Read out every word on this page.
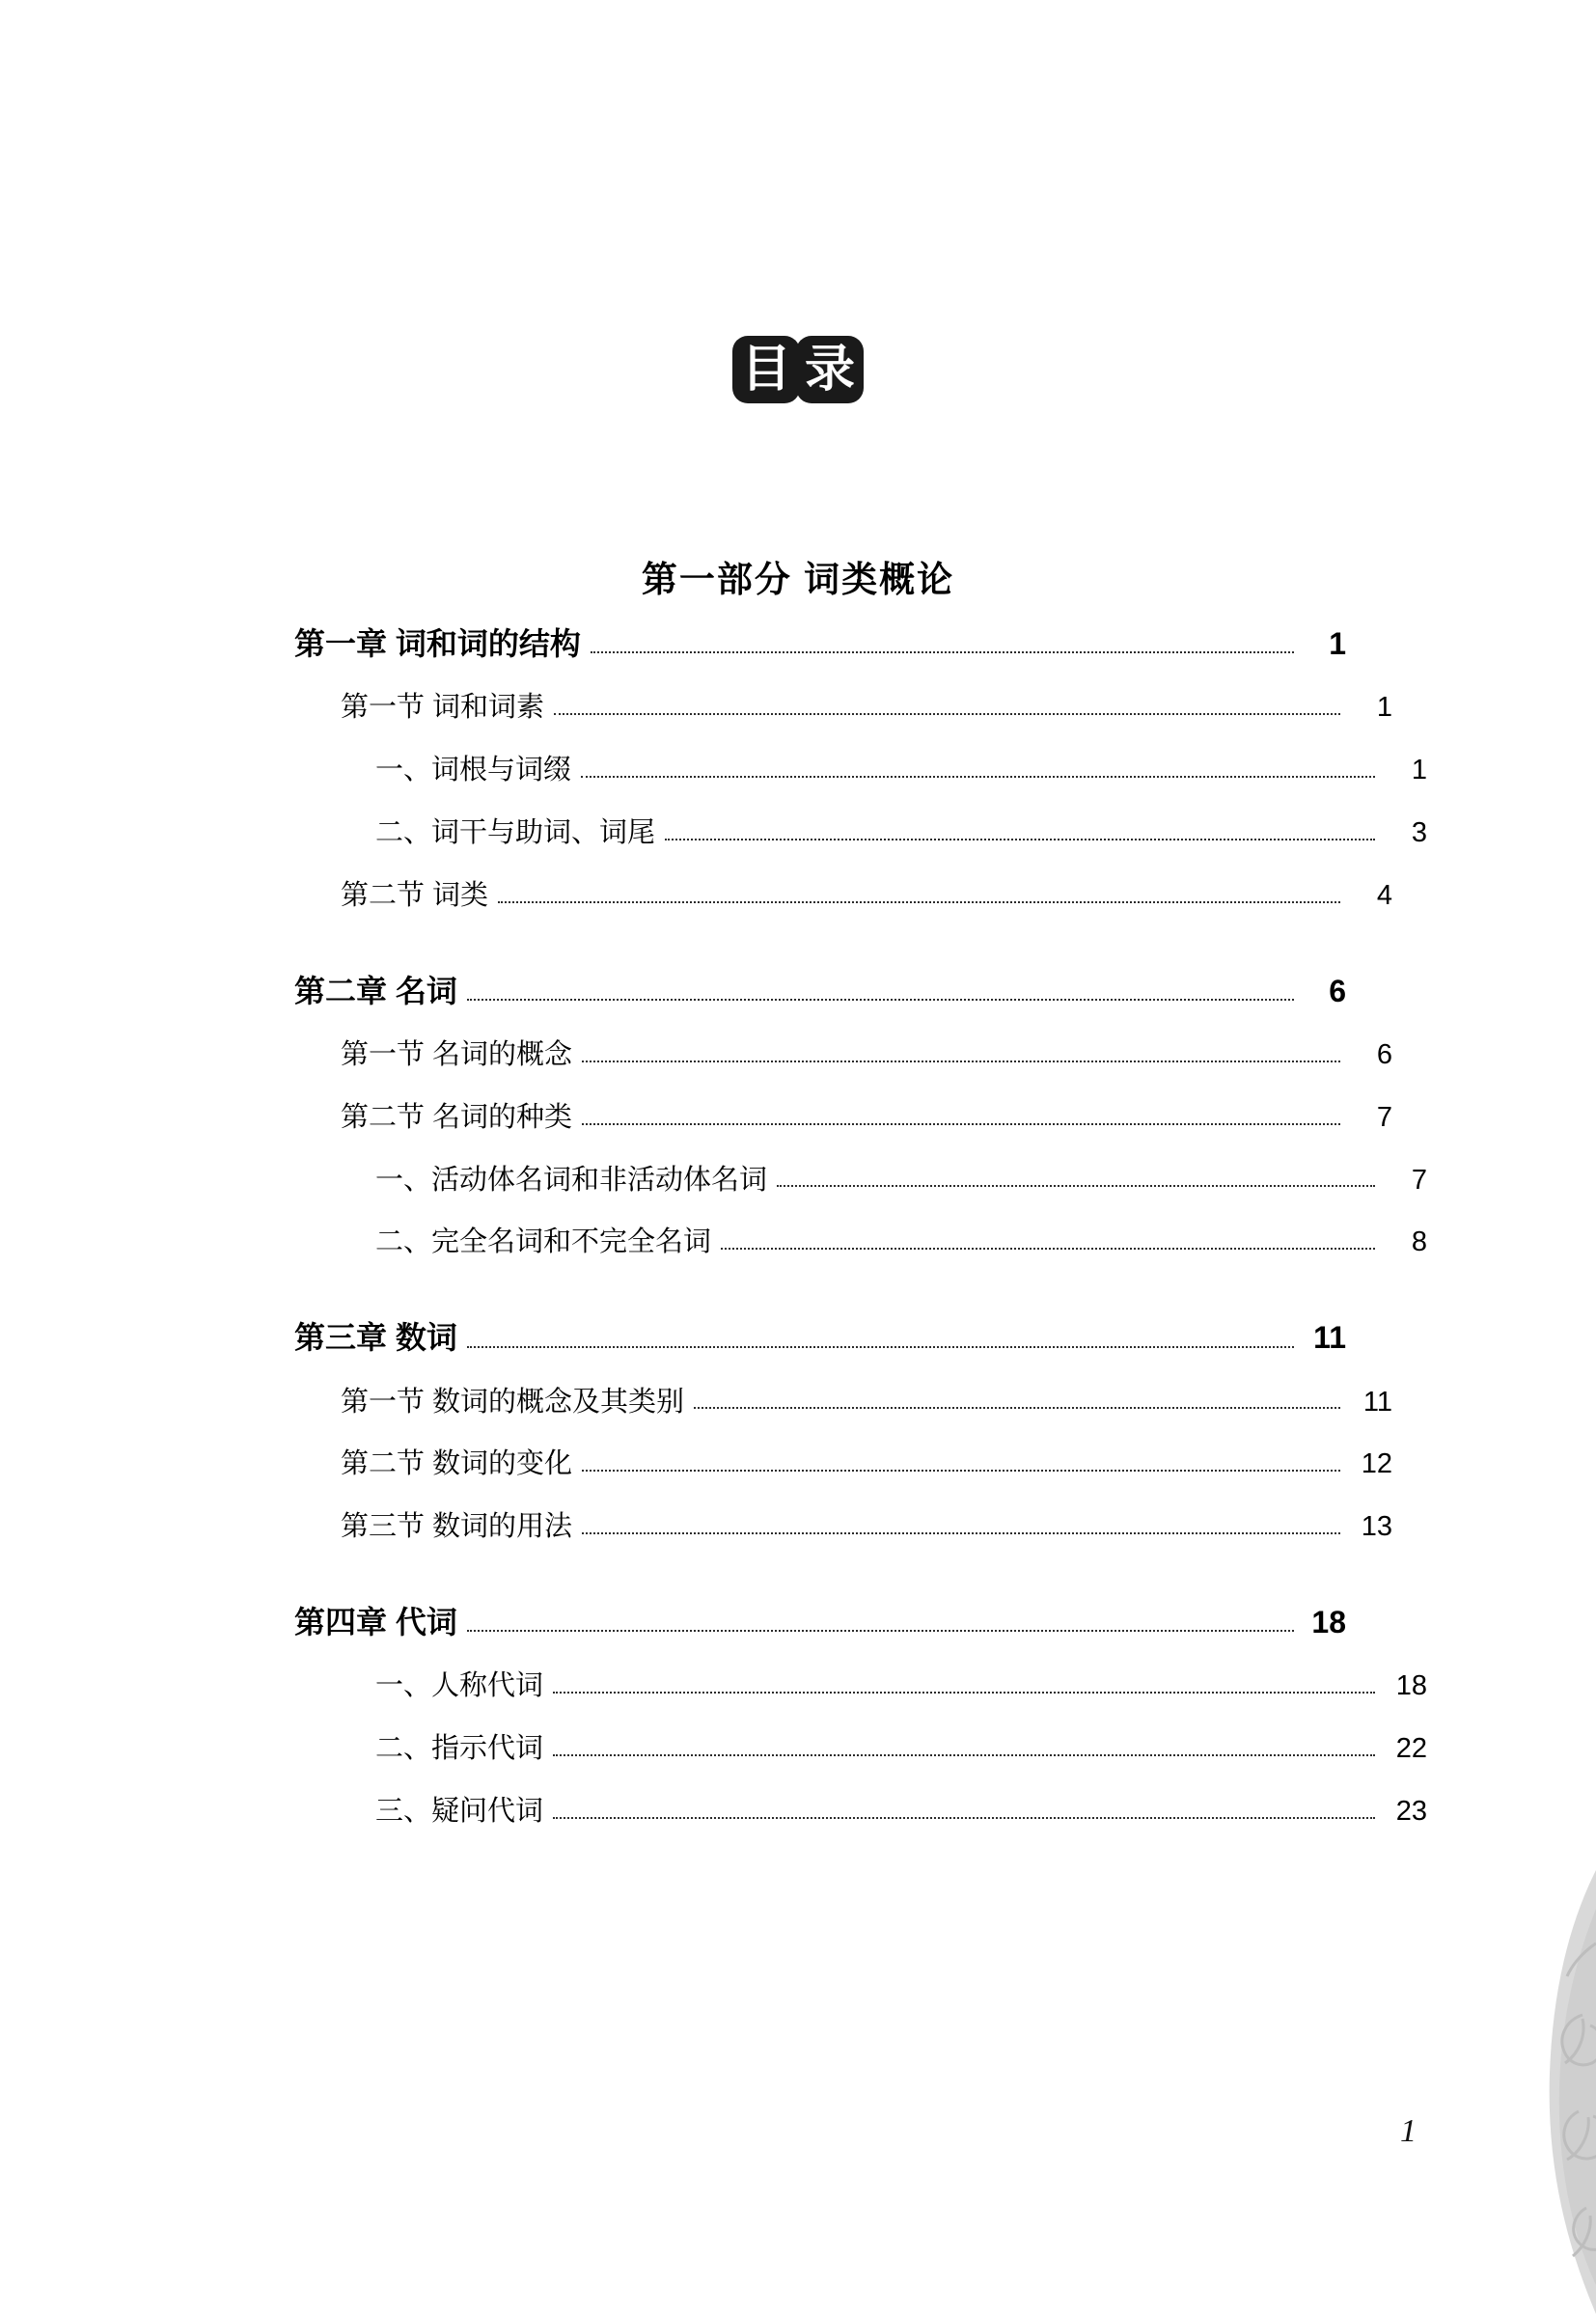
目 录
第一部分 词类概论
第一章 词和词的结构	1
第一节 词和词素	1
一、词根与词缀	1
二、词干与助词、词尾	3
第二节 词类	4
第二章 名词	6
第一节 名词的概念	6
第二节 名词的种类	7
一、活动体名词和非活动体名词	7
二、完全名词和不完全名词	8
第三章 数词	11
第一节 数词的概念及其类别	11
第二节 数词的变化	12
第三节 数词的用法	13
第四章 代词	18
一、人称代词	18
二、指示代词	22
三、疑问代词	23
1
